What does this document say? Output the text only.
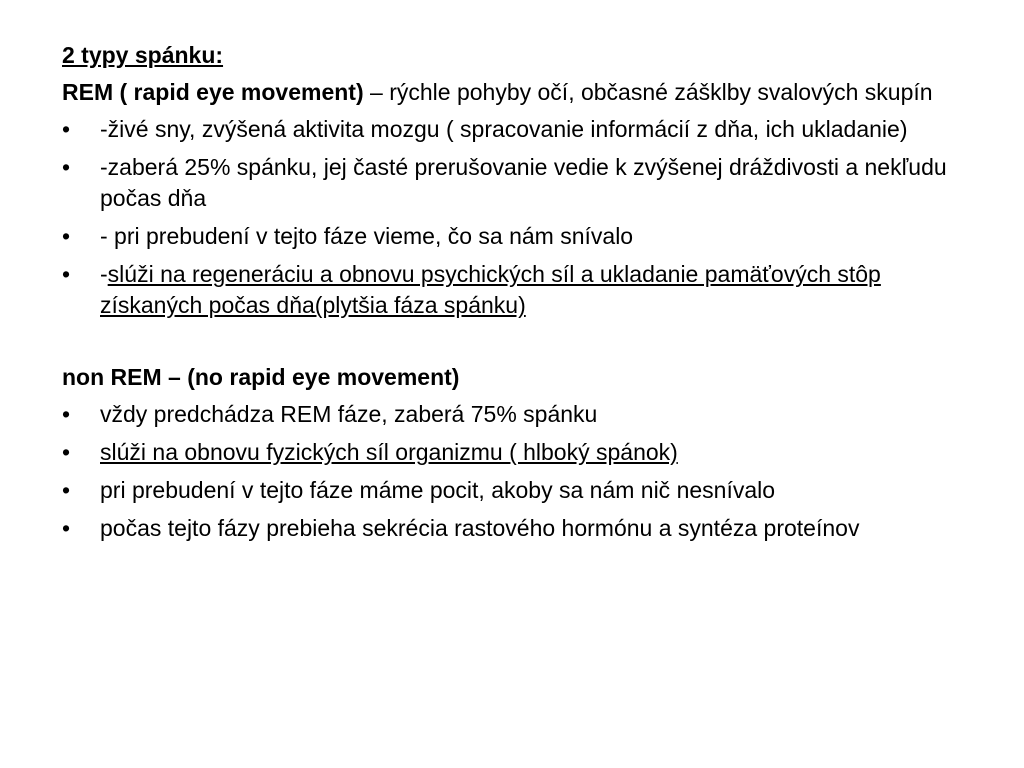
2 typy spánku:

REM ( rapid eye movement) – rýchle pohyby očí, občasné zášklby svalových skupín

•	-živé sny, zvýšená aktivita mozgu ( spracovanie informácií z dňa, ich ukladanie)
•	-zaberá 25% spánku, jej časté prerušovanie vedie k zvýšenej dráždivosti a nekľudu počas dňa
•	- pri prebudení v tejto fáze vieme, čo sa nám snívalo
•	-slúži na regeneráciu a obnovu psychických síl a ukladanie pamäťových stôp získaných počas dňa(plytšia fáza spánku)

non REM – (no rapid eye movement)

•	vždy predchádza REM fáze, zaberá 75% spánku
•	slúži na obnovu fyzických síl organizmu ( hlboký spánok)
•	pri prebudení v tejto fáze máme pocit, akoby sa nám nič nesnívalo
•	počas tejto fázy prebieha sekrécia rastového hormónu a syntéza proteínov
